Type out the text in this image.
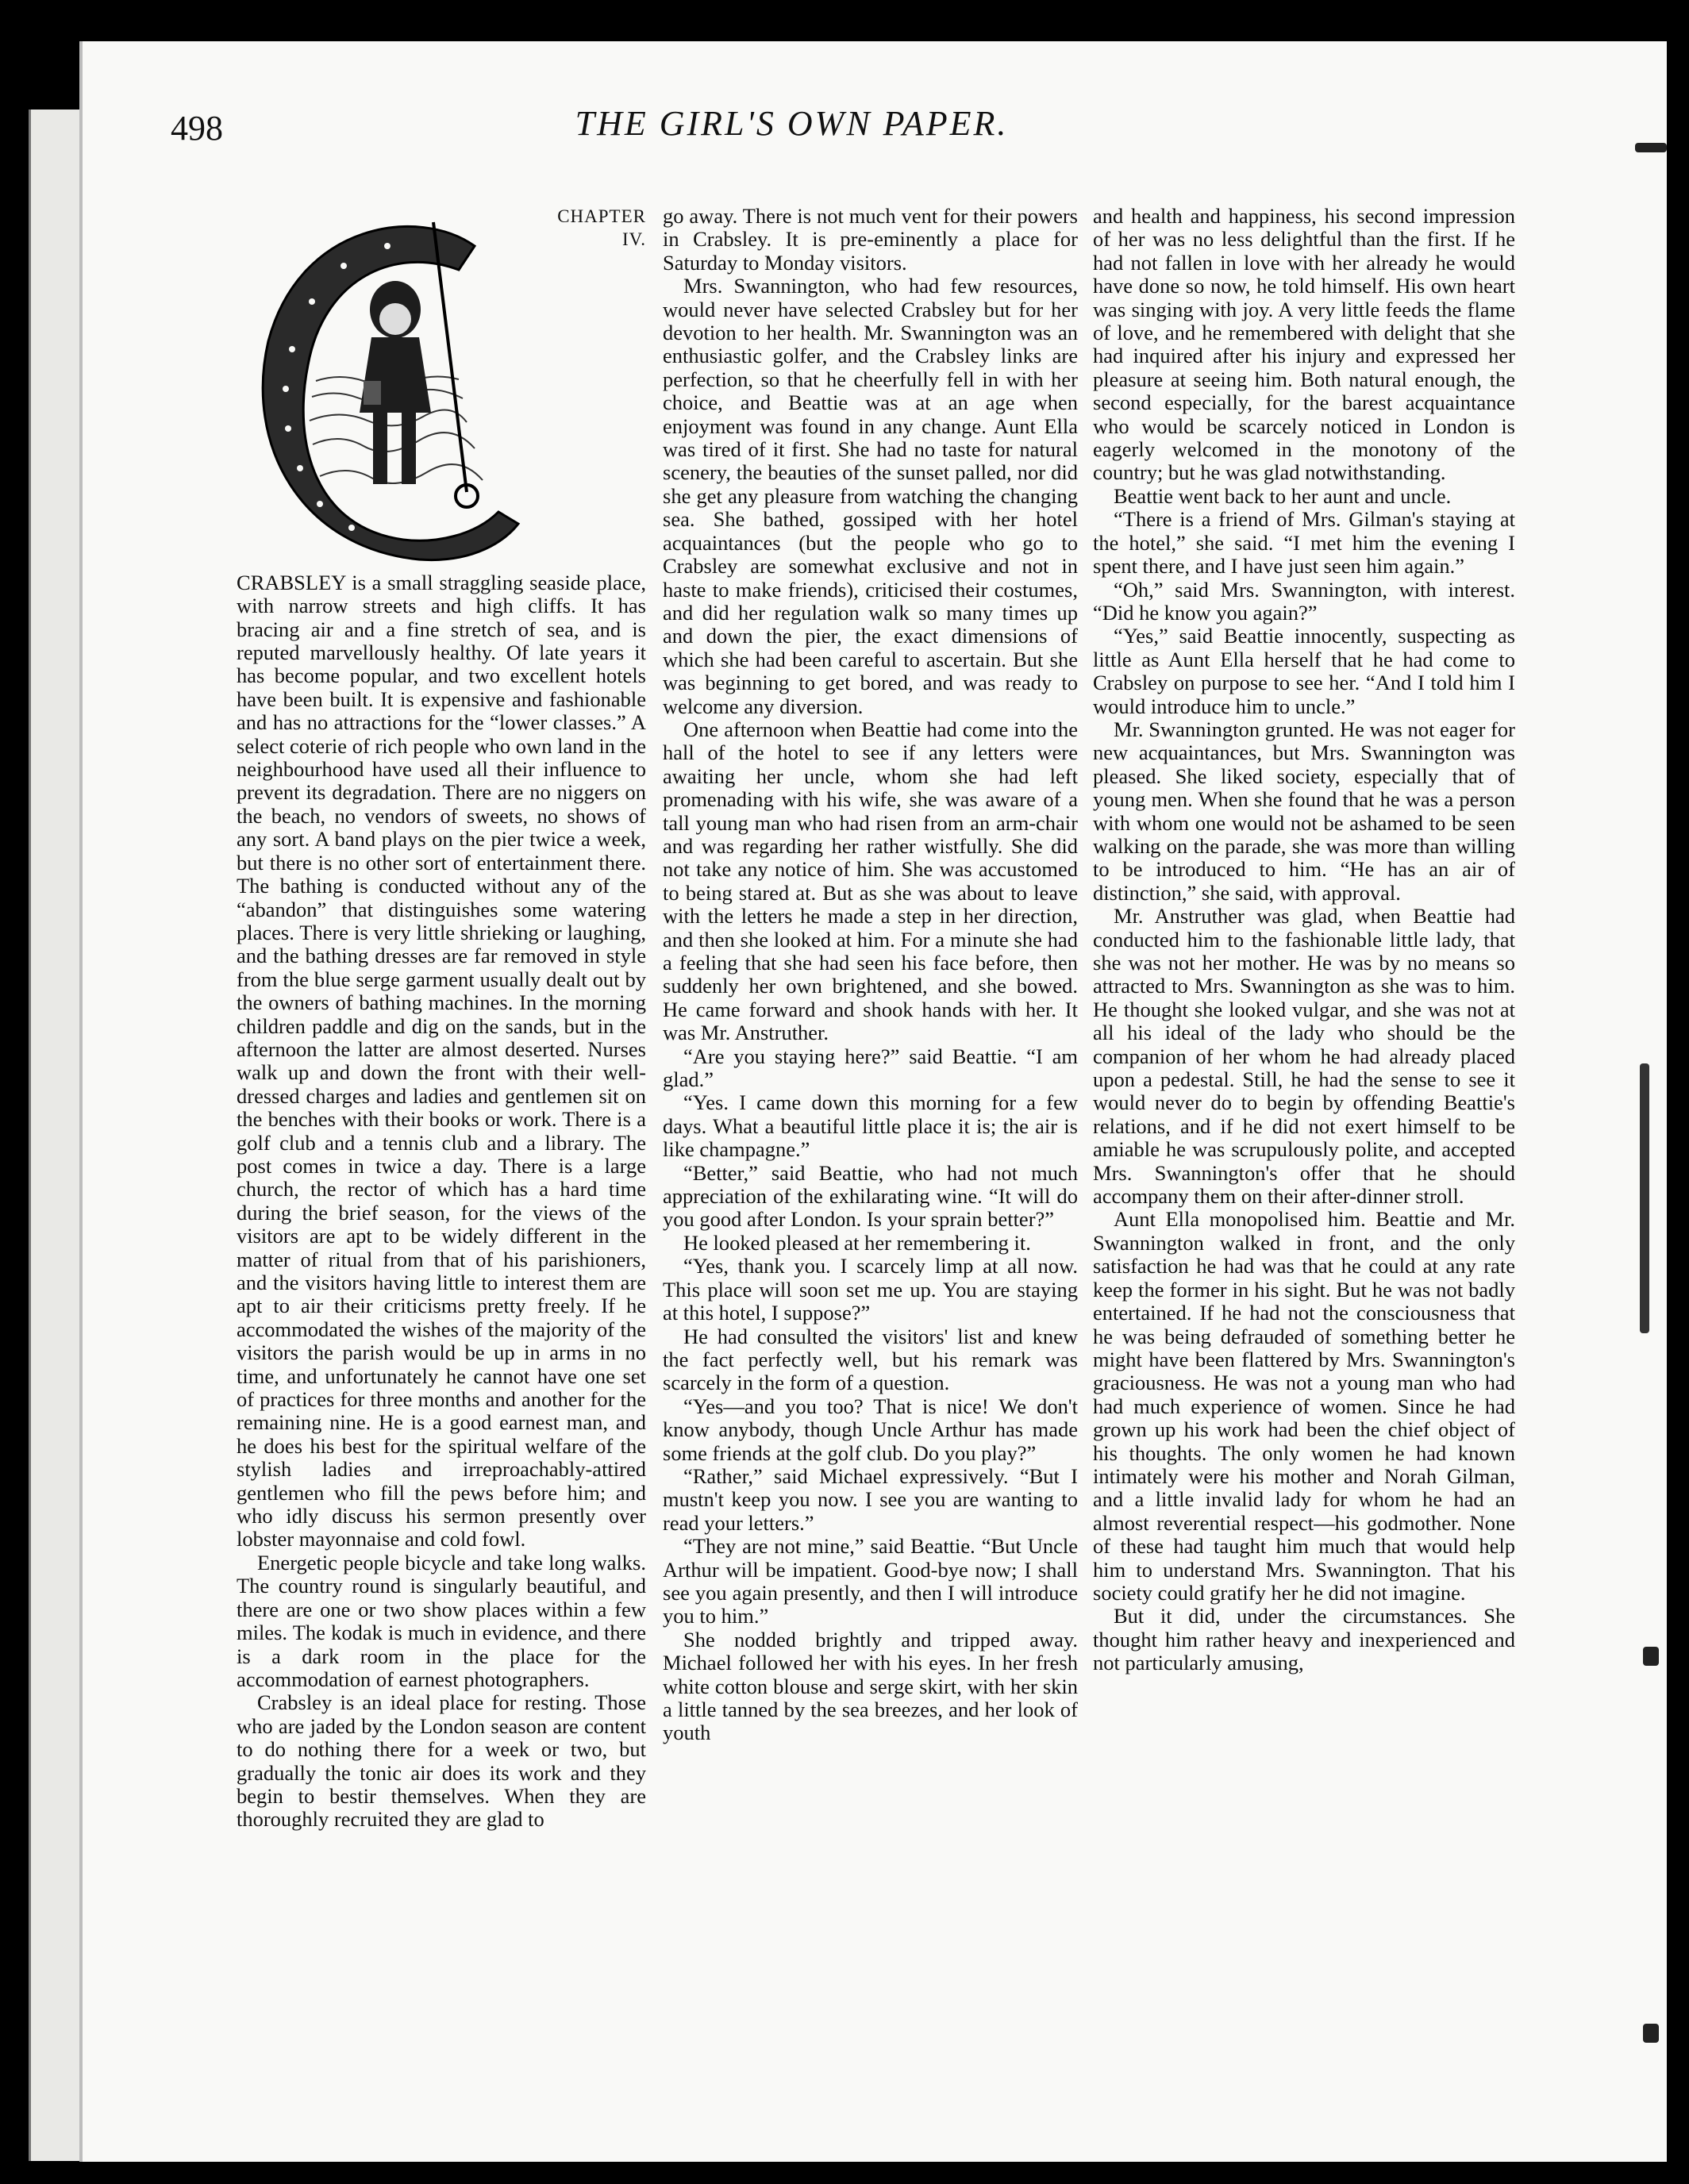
498	THE GIRL'S OWN PAPER.

CHAPTER IV.

CRABSLEY is a small straggling seaside place, with narrow streets and high cliffs. It has bracing air and a fine stretch of sea, and is reputed marvellously healthy. Of late years it has become popular, and two excellent hotels have been built. It is expensive and fashionable and has no attractions for the “lower classes.” A select coterie of rich people who own land in the neighbourhood have used all their influence to prevent its degradation. There are no niggers on the beach, no vendors of sweets, no shows of any sort. A band plays on the pier twice a week, but there is no other sort of entertainment there. The bathing is conducted without any of the “abandon” that distinguishes some watering places. There is very little shrieking or laughing, and the bathing dresses are far removed in style from the blue serge garment usually dealt out by the owners of bathing machines. In the morning children paddle and dig on the sands, but in the afternoon the latter are almost deserted. Nurses walk up and down the front with their well-dressed charges and ladies and gentlemen sit on the benches with their books or work. There is a golf club and a tennis club and a library. The post comes in twice a day. There is a large church, the rector of which has a hard time during the brief season, for the views of the visitors are apt to be widely different in the matter of ritual from that of his parishioners, and the visitors having little to interest them are apt to air their criticisms pretty freely. If he accommodated the wishes of the majority of the visitors the parish would be up in arms in no time, and unfortunately he cannot have one set of practices for three months and another for the remaining nine. He is a good earnest man, and he does his best for the spiritual welfare of the stylish ladies and irreproachably-attired gentlemen who fill the pews before him; and who idly discuss his sermon presently over lobster mayonnaise and cold fowl.

Energetic people bicycle and take long walks. The country round is singularly beautiful, and there are one or two show places within a few miles. The kodak is much in evidence, and there is a dark room in the place for the accommodation of earnest photographers.

Crabsley is an ideal place for resting. Those who are jaded by the London season are content to do nothing there for a week or two, but gradually the tonic air does its work and they begin to bestir themselves. When they are thoroughly recruited they are glad to

go away. There is not much vent for their powers in Crabsley. It is pre-eminently a place for Saturday to Monday visitors.

Mrs. Swannington, who had few resources, would never have selected Crabsley but for her devotion to her health. Mr. Swannington was an enthusiastic golfer, and the Crabsley links are perfection, so that he cheerfully fell in with her choice, and Beattie was at an age when enjoyment was found in any change. Aunt Ella was tired of it first. She had no taste for natural scenery, the beauties of the sunset palled, nor did she get any pleasure from watching the changing sea. She bathed, gossiped with her hotel acquaintances (but the people who go to Crabsley are somewhat exclusive and not in haste to make friends), criticised their costumes, and did her regulation walk so many times up and down the pier, the exact dimensions of which she had been careful to ascertain. But she was beginning to get bored, and was ready to welcome any diversion.

One afternoon when Beattie had come into the hall of the hotel to see if any letters were awaiting her uncle, whom she had left promenading with his wife, she was aware of a tall young man who had risen from an arm-chair and was regarding her rather wistfully. She did not take any notice of him. She was accustomed to being stared at. But as she was about to leave with the letters he made a step in her direction, and then she looked at him. For a minute she had a feeling that she had seen his face before, then suddenly her own brightened, and she bowed. He came forward and shook hands with her. It was Mr. Anstruther.

“Are you staying here?” said Beattie. “I am glad.”

“Yes. I came down this morning for a few days. What a beautiful little place it is; the air is like champagne.”

“Better,” said Beattie, who had not much appreciation of the exhilarating wine. “It will do you good after London. Is your sprain better?”

He looked pleased at her remembering it.

“Yes, thank you. I scarcely limp at all now. This place will soon set me up. You are staying at this hotel, I suppose?”

He had consulted the visitors' list and knew the fact perfectly well, but his remark was scarcely in the form of a question.

“Yes—and you too? That is nice! We don't know anybody, though Uncle Arthur has made some friends at the golf club. Do you play?”

“Rather,” said Michael expressively. “But I mustn't keep you now. I see you are wanting to read your letters.”

“They are not mine,” said Beattie. “But Uncle Arthur will be impatient. Good-bye now; I shall see you again presently, and then I will introduce you to him.”

She nodded brightly and tripped away. Michael followed her with his eyes. In her fresh white cotton blouse and serge skirt, with her skin a little tanned by the sea breezes, and her look of youth

and health and happiness, his second impression of her was no less delightful than the first. If he had not fallen in love with her already he would have done so now, he told himself. His own heart was singing with joy. A very little feeds the flame of love, and he remembered with delight that she had inquired after his injury and expressed her pleasure at seeing him. Both natural enough, the second especially, for the barest acquaintance who would be scarcely noticed in London is eagerly welcomed in the monotony of the country; but he was glad notwithstanding.

Beattie went back to her aunt and uncle.

“There is a friend of Mrs. Gilman's staying at the hotel,” she said. “I met him the evening I spent there, and I have just seen him again.”

“Oh,” said Mrs. Swannington, with interest. “Did he know you again?”

“Yes,” said Beattie innocently, suspecting as little as Aunt Ella herself that he had come to Crabsley on purpose to see her. “And I told him I would introduce him to uncle.”

Mr. Swannington grunted. He was not eager for new acquaintances, but Mrs. Swannington was pleased. She liked society, especially that of young men. When she found that he was a person with whom one would not be ashamed to be seen walking on the parade, she was more than willing to be introduced to him. “He has an air of distinction,” she said, with approval.

Mr. Anstruther was glad, when Beattie had conducted him to the fashionable little lady, that she was not her mother. He was by no means so attracted to Mrs. Swannington as she was to him. He thought she looked vulgar, and she was not at all his ideal of the lady who should be the companion of her whom he had already placed upon a pedestal. Still, he had the sense to see it would never do to begin by offending Beattie's relations, and if he did not exert himself to be amiable he was scrupulously polite, and accepted Mrs. Swannington's offer that he should accompany them on their after-dinner stroll.

Aunt Ella monopolised him. Beattie and Mr. Swannington walked in front, and the only satisfaction he had was that he could at any rate keep the former in his sight. But he was not badly entertained. If he had not the consciousness that he was being defrauded of something better he might have been flattered by Mrs. Swannington's graciousness. He was not a young man who had had much experience of women. Since he had grown up his work had been the chief object of his thoughts. The only women he had known intimately were his mother and Norah Gilman, and a little invalid lady for whom he had an almost reverential respect—his godmother. None of these had taught him much that would help him to understand Mrs. Swannington. That his society could gratify her he did not imagine.

But it did, under the circumstances. She thought him rather heavy and inexperienced and not particularly amusing,
